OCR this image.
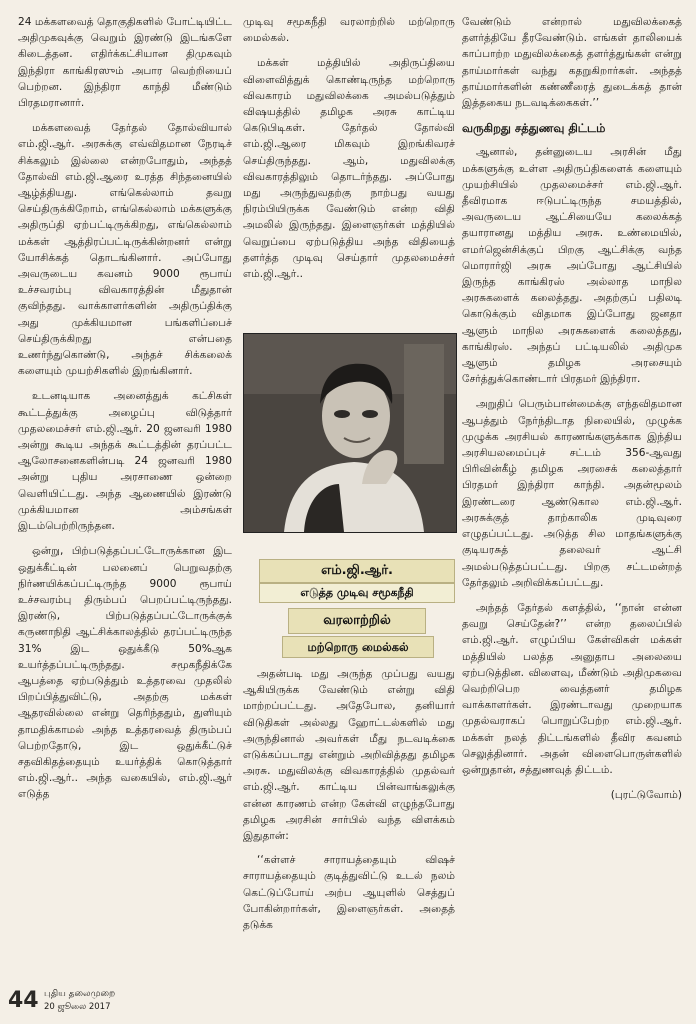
24 மக்களவைத் தொகுதிகளில் போட்டியிட்ட அதிமுகவுக்கு வெறும் இரண்டு இடங்களே கிடைத்தன. எதிர்க்கட்சியான திமுகவும் இந்திரா காங்கிரஸும் அபார வெற்றியைப் பெற்றன. இந்திரா காந்தி மீண்டும் பிரதமரானார்.

மக்களவைத் தேர்தல் தோல்வியால் எம்.ஜி.ஆர். அரசுக்கு எவ்விதமான நேரடிச் சிக்கலும் இல்லை என்றபோதும், அந்தத் தோல்வி எம்.ஜி.ஆரை உரத்த சிந்தனையில் ஆழ்த்தியது. எங்கெல்லாம் தவறு செய்திருக்கிறோம், எங்கெல்லாம் மக்களுக்கு அதிருப்தி ஏற்பட்டிருக்கிறது, எங்கெல்லாம் மக்கள் ஆத்திரப்பட்டிருக்கின்றனர் என்று யோசிக்கத் தொடங்கினார். அப்போது அவருடைய கவனம் 9000 ரூபாய் உச்சவரம்பு விவகாரத்தின் மீதுதான் குவிந்தது. வாக்காளர்களின் அதிருப்திக்கு அது முக்கியமான பங்களிப்பைச் செய்திருக்கிறது என்பதை உணர்ந்துகொண்டு, அந்தச் சிக்கலைக் களையும் முயற்சிகளில் இறங்கினார்.

உடனடியாக அனைத்துக் கட்சிகள் கூட்டத்துக்கு அழைப்பு விடுத்தார் முதலமைச்சர் எம்.ஜி.ஆர். 20 ஜனவரி 1980 அன்று கூடிய அந்தக் கூட்டத்தின் தரப்பட்ட ஆலோசனைகளின்படி 24 ஜனவரி 1980 அன்று புதிய அரசாணை ஒன்றை வெளியிட்டது. அந்த ஆணையில் இரண்டு முக்கியமான அம்சங்கள் இடம்பெற்றிருந்தன.

ஒன்று, பிற்படுத்தப்பட்டோருக்கான இட ஒதுக்கீட்டின் பலனைப் பெறுவதற்கு நிர்ணயிக்கப்பட்டிருந்த 9000 ரூபாய் உச்சவரம்பு திரும்பப் பெறப்பட்டிருந்தது. இரண்டு, பிற்படுத்தப்பட்டோருக்குக் கருணாநிதி ஆட்சிக்காலத்தில் தரப்பட்டிருந்த 31% இட ஒதுக்கீடு 50%ஆக உயர்த்தப்பட்டிருந்தது. சமூகநீதிக்கே ஆபத்தை ஏற்படுத்தும் உத்தரவை முதலில் பிறப்பித்துவிட்டு, அதற்கு மக்கள் ஆதரவில்லை என்று தெரிந்ததும், துளியும் தாமதிக்காமல் அந்த உத்தரவைத் திரும்பப் பெற்றதோடு, இட ஒதுக்கீட்டுச் சதவிகிதத்தையும் உயர்த்திக் கொடுத்தார் எம்.ஜி.ஆர்.. அந்த வகையில், எம்.ஜி.ஆர் எடுத்த

முடிவு சமூகநீதி வரலாற்றில் மற்றொரு மைல்கல்.

மக்கள் மத்தியில் அதிருப்தியை விளைவித்துக் கொண்டிருந்த மற்றொரு விவகாரம் மதுவிலக்கை அமல்படுத்தும் விஷயத்தில் தமிழக அரசு காட்டிய கெடுபிடிகள். தேர்தல் தோல்வி எம்.ஜி.ஆரை மிகவும் இறங்கிவரச் செய்திருந்தது. ஆம், மதுவிலக்கு விவகாரத்திலும் தொடர்ந்தது. அப்போது மது அருந்துவதற்கு நாற்பது வயது நிரம்பியிருக்க வேண்டும் என்ற விதி அமலில் இருந்தது. இளைஞர்கள் மத்தியில் வெறுப்பை ஏற்படுத்திய அந்த விதியைத் தளர்த்த முடிவு செய்தார் முதலமைச்சர் எம்.ஜி.ஆர்..

எம்.ஜி.ஆர்.
எடுத்த முடிவு சமூகநீதி
வரலாற்றில்
மற்றொரு மைல்கல்

அதன்படி மது அருந்த முப்பது வயது ஆகியிருக்க வேண்டும் என்று விதி மாற்றப்பட்டது. அதேபோல, தனியார் விடுதிகள் அல்லது ஹோட்டல்களில் மது அருந்தினால் அவர்கள் மீது நடவடிக்கை எடுக்கப்படாது என்றும் அறிவித்தது தமிழக அரசு. மதுவிலக்கு விவகாரத்தில் முதல்வர் எம்.ஜி.ஆர். காட்டிய பின்வாங்கலுக்கு என்ன காரணம் என்ற கேள்வி எழுந்தபோது தமிழக அரசின் சார்பில் வந்த விளக்கம் இதுதான்:

‘‘கள்ளச் சாராயத்தையும் விஷச் சாராயத்தையும் குடித்துவிட்டு உடல் நலம் கெட்டுப்போய் அற்ப ஆயுளில் செத்துப் போகின்றார்கள், இளைஞர்கள். அதைத் தடுக்க

வேண்டும் என்றால் மதுவிலக்கைத் தளர்த்தியே தீரவேண்டும். எங்கள் தாலியைக் காப்பாற்ற மதுவிலக்கைத் தளர்த்துங்கள் என்று தாய்மார்கள் வந்து கதறுகிறார்கள். அந்தத் தாய்மார்களின் கண்ணீரைத் துடைக்கத் தான் இத்தகைய நடவடிக்கைகள்.’’

வருகிறது சத்துணவு திட்டம்

ஆனால், தன்னுடைய அரசின் மீது மக்களுக்கு உள்ள அதிருப்திகளைக் களையும் முயற்சியில் முதலமைச்சர் எம்.ஜி.ஆர். தீவிரமாக ஈடுபட்டிருந்த சமயத்தில், அவருடைய ஆட்சியையே கலைக்கத் தயாரானது மத்திய அரசு. உண்மையில், எமர்ஜென்சிக்குப் பிறகு ஆட்சிக்கு வந்த மொரார்ஜி அரசு அப்போது ஆட்சியில் இருந்த காங்கிரஸ் அல்லாத மாநில அரசுகளைக் கலைத்தது. அதற்குப் பதிலடி கொடுக்கும் விதமாக இப்போது ஜனதா ஆளும் மாநில அரசுகளைக் கலைத்தது, காங்கிரஸ். அந்தப் பட்டியலில் அதிமுக ஆளும் தமிழக அரசையும் சேர்த்துக்கொண்டார் பிரதமர் இந்திரா.

அறுதிப் பெரும்பான்மைக்கு எந்தவிதமான ஆபத்தும் நேர்ந்திடாத நிலையில், முழுக்க முழுக்க அரசியல் காரணங்களுக்காக இந்திய அரசியலமைப்புச் சட்டம் 356-ஆவது பிரிவின்கீழ் தமிழக அரசைக் கலைத்தார் பிரதமர் இந்திரா காந்தி. அதன்மூலம் இரண்டரை ஆண்டுகால எம்.ஜி.ஆர். அரசுக்குத் தாற்காலிக முடிவுரை எழுதப்பட்டது. அடுத்த சில மாதங்களுக்கு குடியரசுத் தலைவர் ஆட்சி அமல்படுத்தப்பட்டது. பிறகு சட்டமன்றத் தேர்தலும் அறிவிக்கப்பட்டது.

அந்தத் தேர்தல் களத்தில், ‘‘நான் என்ன தவறு செய்தேன்?’’ என்ற தலைப்பில் எம்.ஜி.ஆர். எழுப்பிய கேள்விகள் மக்கள் மத்தியில் பலத்த அனுதாப அலையை ஏற்படுத்தின. விளைவு, மீண்டும் அதிமுகவை வெற்றிபெற வைத்தனர் தமிழக வாக்காளர்கள். இரண்டாவது முறையாக முதல்வராகப் பொறுப்பேற்ற எம்.ஜி.ஆர். மக்கள் நலத் திட்டங்களில் தீவிர கவனம் செலுத்தினார். அதன் விளைபொருள்களில் ஒன்றுதான், சத்துணவுத் திட்டம்.

(புரட்டுவோம்)
44 புதிய தலைமுறை
20 ஜூலை 2017
